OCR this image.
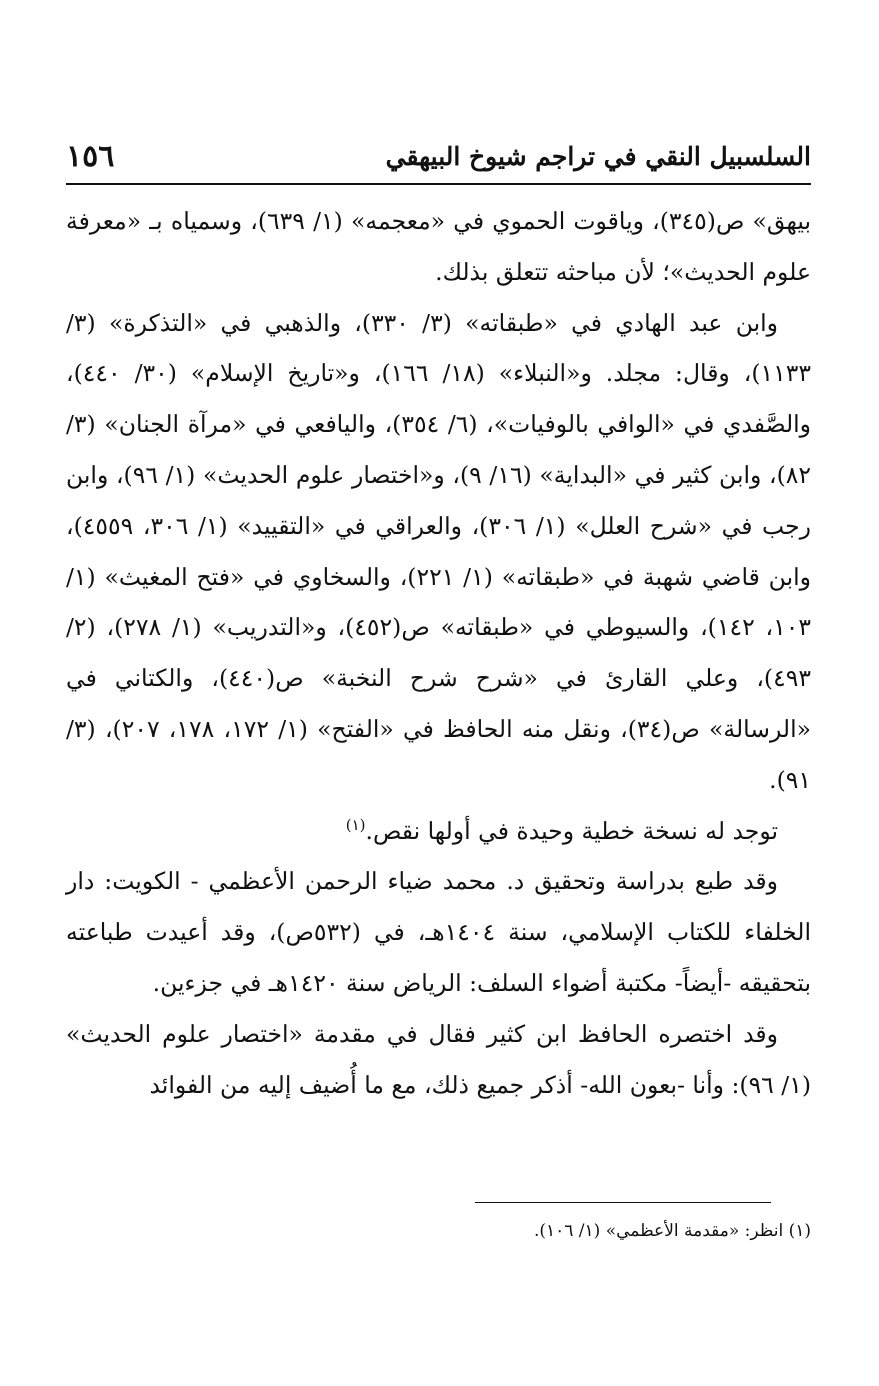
١٥٦	السلسبيل النقي في تراجم شيوخ البيهقي

بيهق» ص(٣٤٥)، وياقوت الحموي في «معجمه» (١/ ٦٣٩)، وسمياه بـ «معرفة علوم الحديث»؛ لأن مباحثه تتعلق بذلك.

وابن عبد الهادي في «طبقاته» (٣/ ٣٣٠)، والذهبي في «التذكرة» (٣/ ١١٣٣)، وقال: مجلد. و«النبلاء» (١٨/ ١٦٦)، و«تاريخ الإسلام» (٣٠/ ٤٤٠)، والصَّفدي في «الوافي بالوفيات»، (٦/ ٣٥٤)، واليافعي في «مرآة الجنان» (٣/ ٨٢)، وابن كثير في «البداية» (١٦/ ٩)، و«اختصار علوم الحديث» (١/ ٩٦)، وابن رجب في «شرح العلل» (١/ ٣٠٦)، والعراقي في «التقييد» (١/ ٣٠٦، ٤٥٥٩)، وابن قاضي شهبة في «طبقاته» (١/ ٢٢١)، والسخاوي في «فتح المغيث» (١/ ١٠٣، ١٤٢)، والسيوطي في «طبقاته» ص(٤٥٢)، و«التدريب» (١/ ٢٧٨)، (٢/ ٤٩٣)، وعلي القارئ في «شرح شرح النخبة» ص(٤٤٠)، والكتاني في «الرسالة» ص(٣٤)، ونقل منه الحافظ في «الفتح» (١/ ١٧٢، ١٧٨، ٢٠٧)، (٣/ ٩١).

توجد له نسخة خطية وحيدة في أولها نقص.$^{(١)}$

وقد طبع بدراسة وتحقيق د. محمد ضياء الرحمن الأعظمي - الكويت: دار الخلفاء للكتاب الإسلامي، سنة ١٤٠٤هـ، في (٥٣٢ص)، وقد أعيدت طباعته بتحقيقه -أيضاً- مكتبة أضواء السلف: الرياض سنة ١٤٢٠هـ في جزءين.

وقد اختصره الحافظ ابن كثير فقال في مقدمة «اختصار علوم الحديث» (١/ ٩٦): وأنا -بعون الله- أذكر جميع ذلك، مع ما أُضيف إليه من الفوائد

(١) انظر: «مقدمة الأعظمي» (١/ ١٠٦).
